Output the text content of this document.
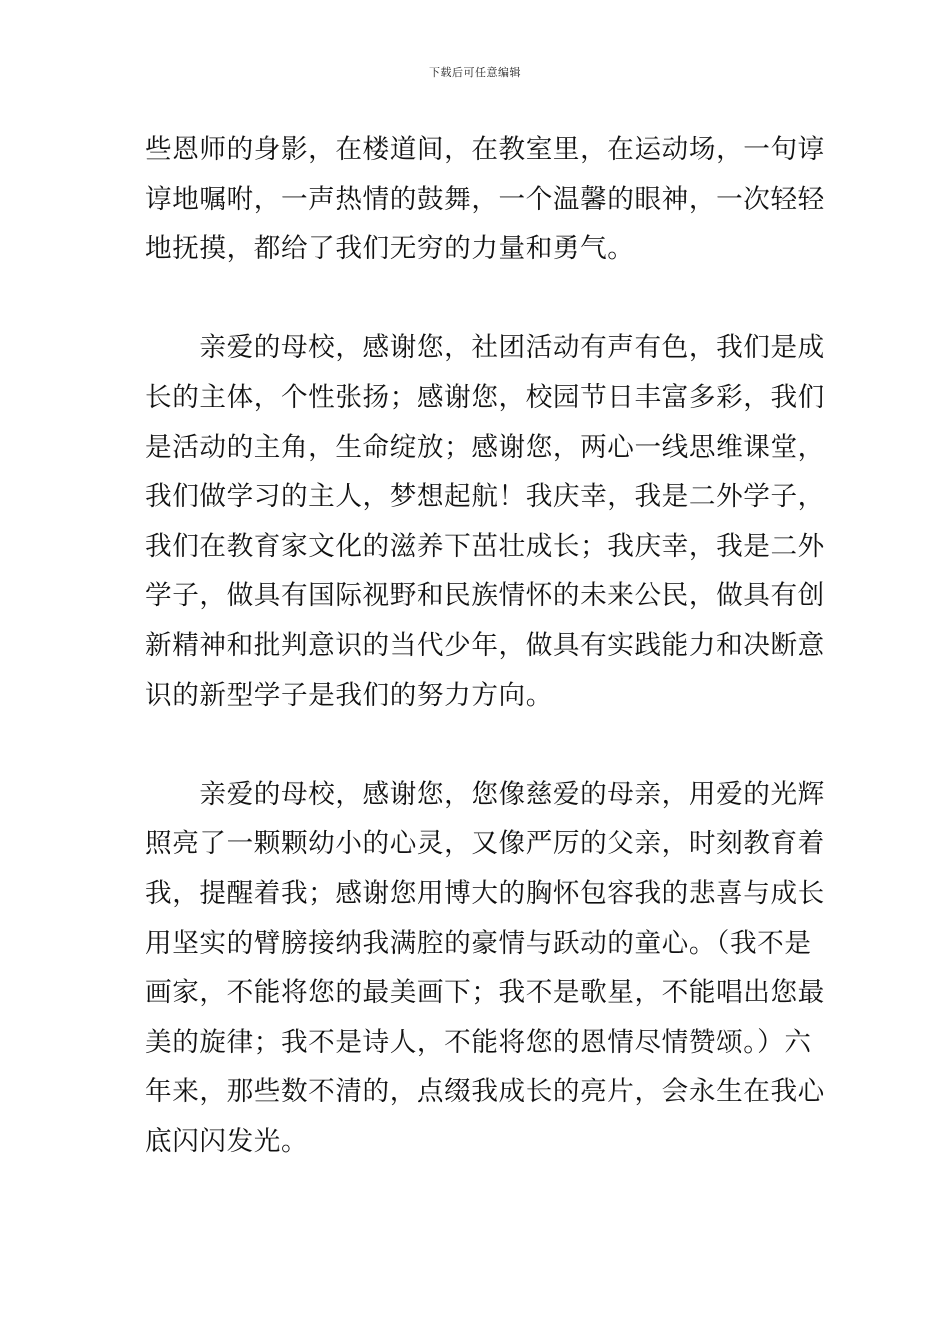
下载后可任意编辑
些恩师的身影，在楼道间，在教室里，在运动场，一句谆
谆地嘱咐，一声热情的鼓舞，一个温馨的眼神，一次轻轻
地抚摸，都给了我们无穷的力量和勇气。
　　亲爱的母校，感谢您，社团活动有声有色，我们是成
长的主体，个性张扬；感谢您，校园节日丰富多彩，我们
是活动的主角，生命绽放；感谢您，两心一线思维课堂，
我们做学习的主人，梦想起航！我庆幸，我是二外学子，
我们在教育家文化的滋养下茁壮成长；我庆幸，我是二外
学子，做具有国际视野和民族情怀的未来公民，做具有创
新精神和批判意识的当代少年，做具有实践能力和决断意
识的新型学子是我们的努力方向。
　　亲爱的母校，感谢您，您像慈爱的母亲，用爱的光辉
照亮了一颗颗幼小的心灵，又像严厉的父亲，时刻教育着
我，提醒着我；感谢您用博大的胸怀包容我的悲喜与成长
用坚实的臂膀接纳我满腔的豪情与跃动的童心。（我不是
画家，不能将您的最美画下；我不是歌星，不能唱出您最
美的旋律；我不是诗人，不能将您的恩情尽情赞颂。）六
年来，那些数不清的，点缀我成长的亮片，会永生在我心
底闪闪发光。
